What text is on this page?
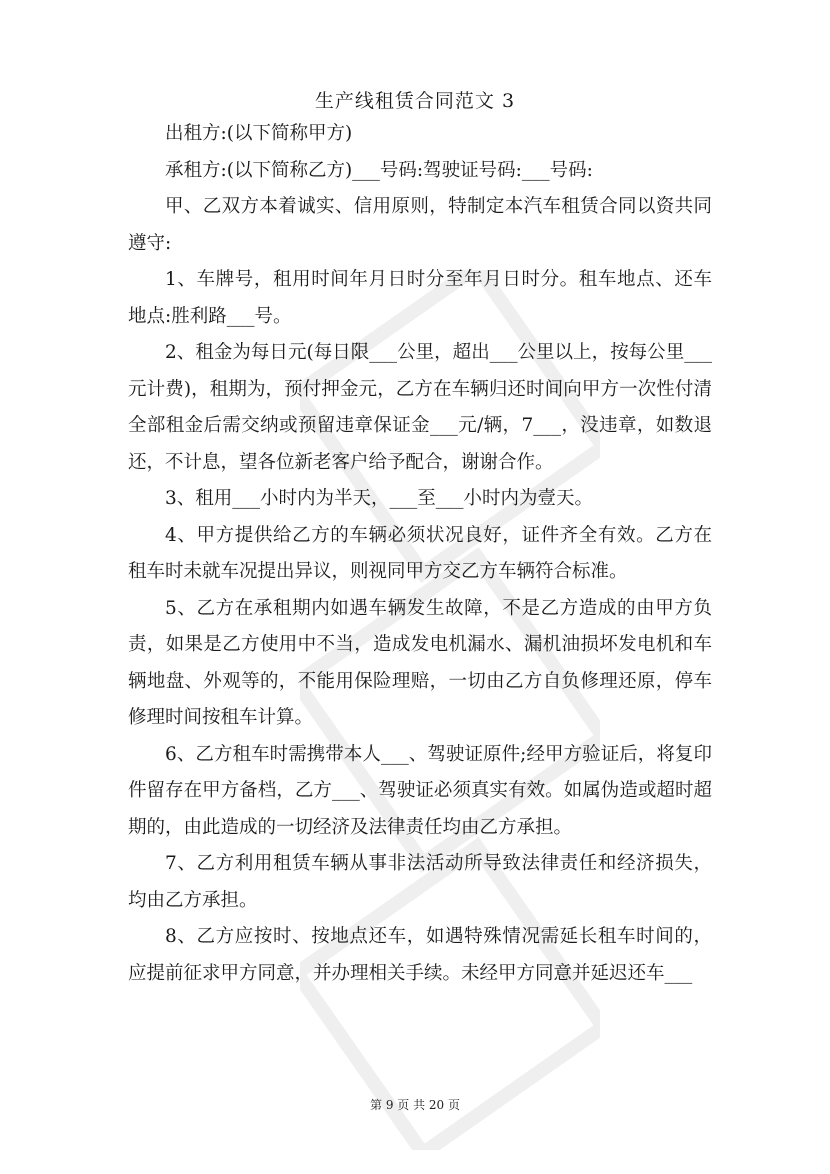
生产线租赁合同范文 3

出租方:(以下简称甲方)

承租方:(以下简称乙方)___号码:驾驶证号码:___号码:

甲、乙双方本着诚实、信用原则，特制定本汽车租赁合同以资共同遵守:

1、车牌号，租用时间年月日时分至年月日时分。租车地点、还车地点:胜利路___号。

2、租金为每日元(每日限___公里，超出___公里以上，按每公里___元计费)，租期为，预付押金元，乙方在车辆归还时间向甲方一次性付清全部租金后需交纳或预留违章保证金___元/辆，7___，没违章，如数退还，不计息，望各位新老客户给予配合，谢谢合作。

3、租用___小时内为半天，___至___小时内为壹天。

4、甲方提供给乙方的车辆必须状况良好，证件齐全有效。乙方在租车时未就车况提出异议，则视同甲方交乙方车辆符合标准。

5、乙方在承租期内如遇车辆发生故障，不是乙方造成的由甲方负责，如果是乙方使用中不当，造成发电机漏水、漏机油损坏发电机和车辆地盘、外观等的，不能用保险理赔，一切由乙方自负修理还原，停车修理时间按租车计算。

6、乙方租车时需携带本人___、驾驶证原件;经甲方验证后，将复印件留存在甲方备档，乙方___、驾驶证必须真实有效。如属伪造或超时超期的，由此造成的一切经济及法律责任均由乙方承担。

7、乙方利用租赁车辆从事非法活动所导致法律责任和经济损失，均由乙方承担。

8、乙方应按时、按地点还车，如遇特殊情况需延长租车时间的，应提前征求甲方同意，并办理相关手续。未经甲方同意并延迟还车___

第 9 页 共 20 页
